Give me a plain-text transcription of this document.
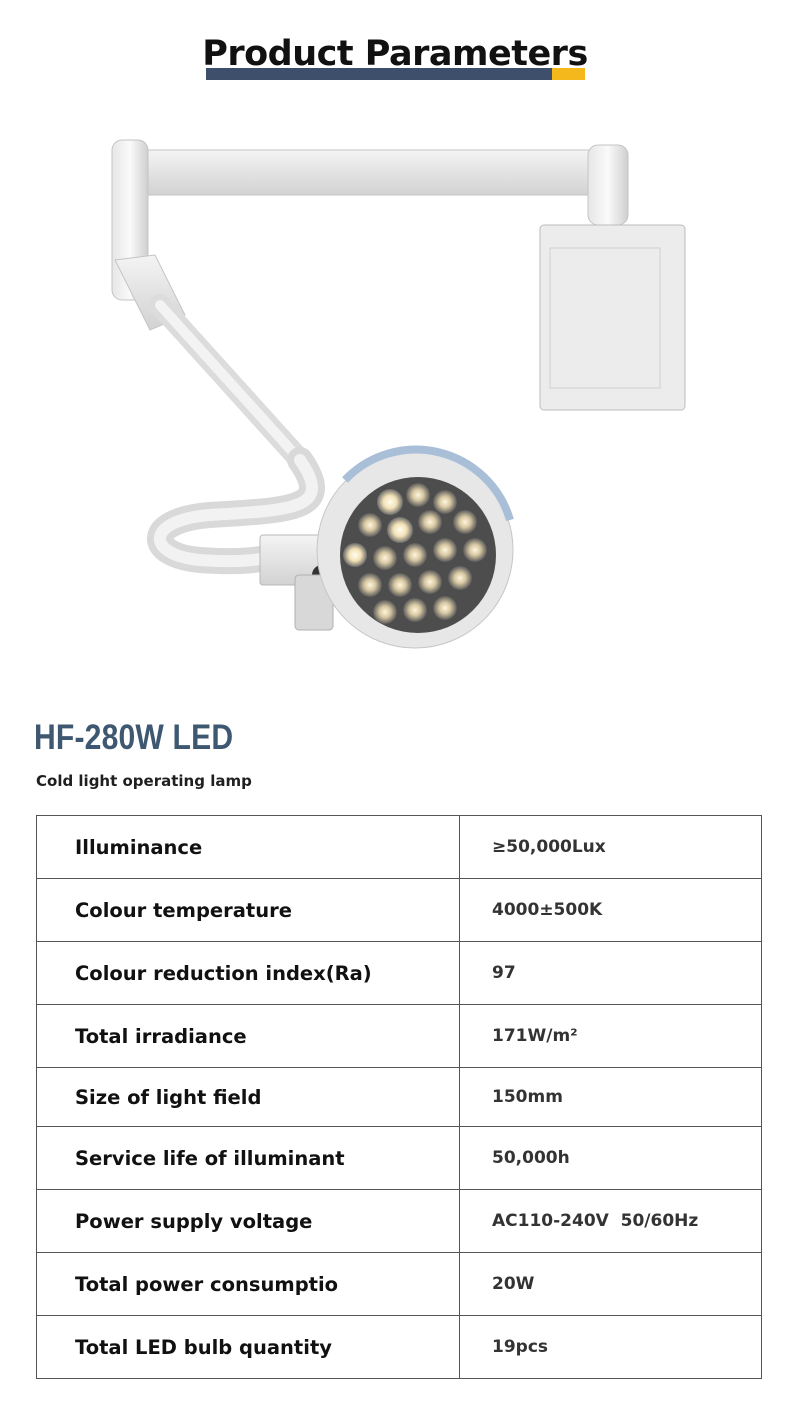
Product Parameters
HF-280W LED
Cold light operating lamp
Illuminance	≥50,000Lux
Colour temperature	4000±500K
Colour reduction index(Ra)	97
Total irradiance	171W/m²
Size of light field	150mm
Service life of illuminant	50,000h
Power supply voltage	AC110-240V  50/60Hz
Total power consumptio	20W
Total LED bulb quantity	19pcs
